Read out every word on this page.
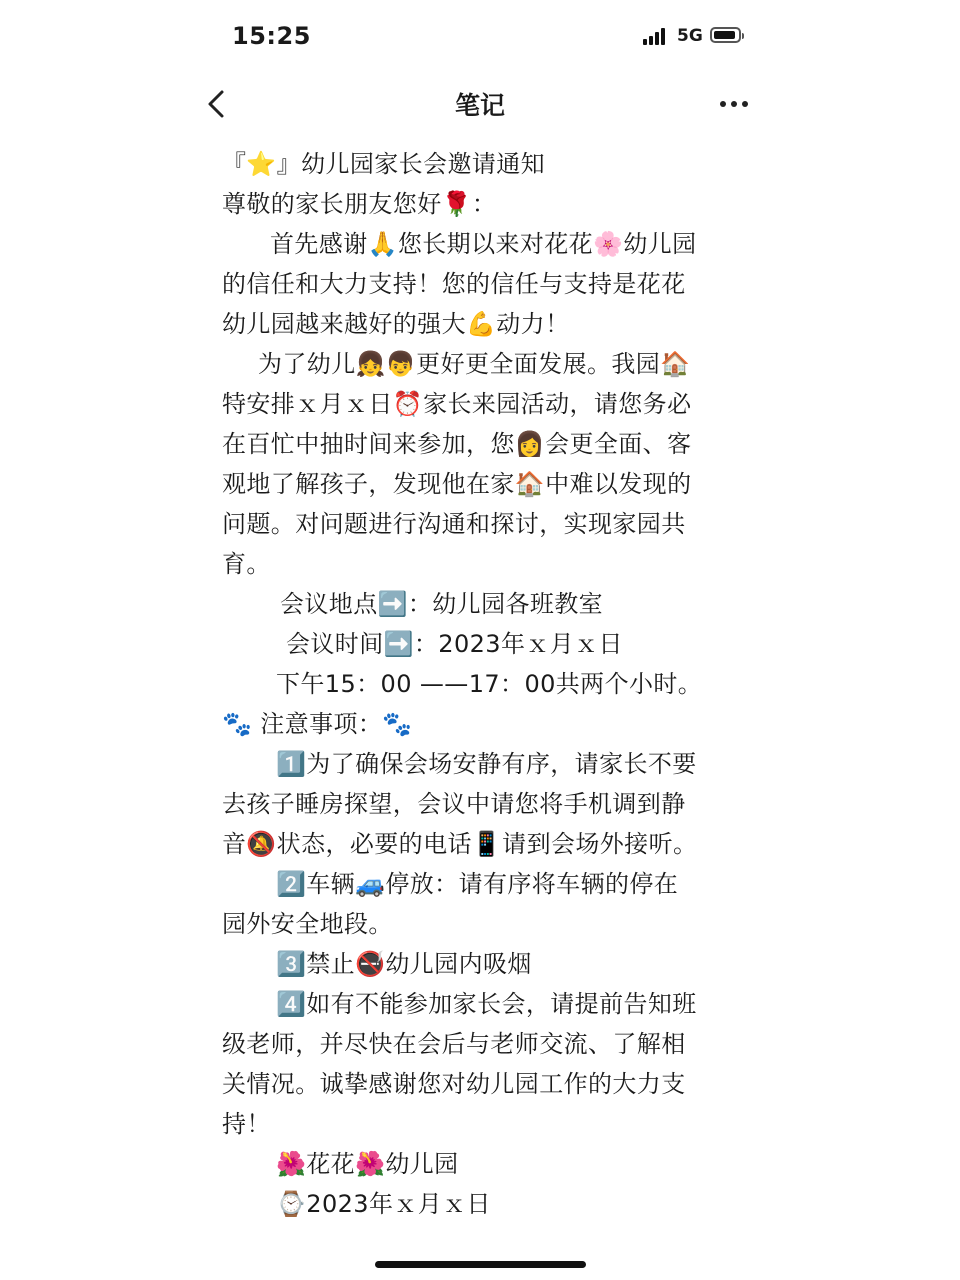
15:25	5G
笔记
『⭐』幼儿园家长会邀请通知
尊敬的家长朋友您好🌹：
首先感谢🙏您长期以来对花花🌸幼儿园
的信任和大力支持！您的信任与支持是花花
幼儿园越来越好的强大💪动力！
为了幼儿👧👦更好更全面发展。我园🏠
特安排ｘ月ｘ日⏰家长来园活动，请您务必
在百忙中抽时间来参加，您👩会更全面、客
观地了解孩子，发现他在家🏠中难以发现的
问题。对问题进行沟通和探讨，实现家园共
育。
会议地点➡️：幼儿园各班教室
会议时间➡️：2023年ｘ月ｘ日
下午15：00 ——17：00共两个小时。
🐾 注意事项：🐾
1️⃣为了确保会场安静有序，请家长不要
去孩子睡房探望，会议中请您将手机调到静
音🔕状态，必要的电话📱请到会场外接听。
2️⃣车辆🚙停放：请有序将车辆的停在
园外安全地段。
3️⃣禁止🚭幼儿园内吸烟
4️⃣如有不能参加家长会，请提前告知班
级老师，并尽快在会后与老师交流、了解相
关情况。诚挚感谢您对幼儿园工作的大力支
持！
🌺花花🌺幼儿园
⌚2023年ｘ月ｘ日
